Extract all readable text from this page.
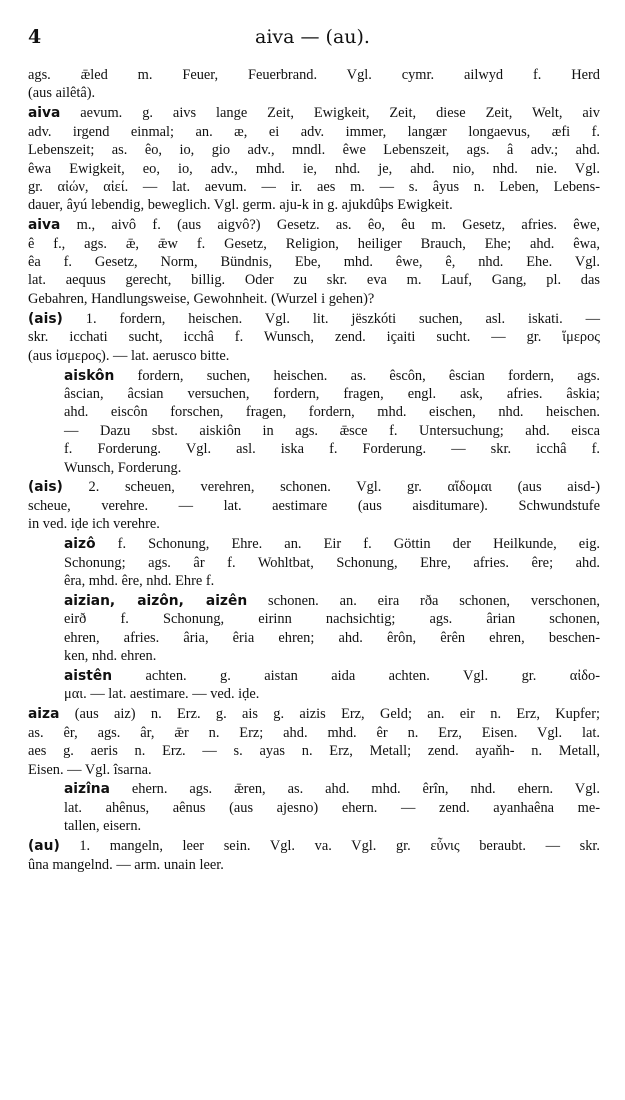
4	aiva — (au).
ags. ǣled m. Feuer, Feuerbrand. Vgl. cymr. ailwyd f. Herd
(aus ailêtâ).
aiva aevum. g. aivs lange Zeit, Ewigkeit, Zeit, diese Zeit, Welt, aiv
adv. irgend einmal; an. æ, ei adv. immer, langær longaevus, æfi f.
Lebenszeit; as. êo, io, gio adv., mndl. êwe Lebenszeit, ags. â adv.; ahd.
êwa Ewigkeit, eo, io, adv., mhd. ie, nhd. je, ahd. nio, nhd. nie. Vgl.
gr. αἰών, αἰεί. — lat. aevum. — ir. aes m. — s. âyus n. Leben, Lebens-
dauer, âyú lebendig, beweglich. Vgl. germ. aju-k in g. ajukdûþs Ewigkeit.
aiva m., aivô f. (aus aigvô?) Gesetz. as. êo, êu m. Gesetz, afries. êwe,
ê f., ags. ǣ, ǣw f. Gesetz, Religion, heiliger Brauch, Ehe; ahd. êwa,
êa f. Gesetz, Norm, Bündnis, Ebe, mhd. êwe, ê, nhd. Ehe. Vgl.
lat. aequus gerecht, billig. Oder zu skr. eva m. Lauf, Gang, pl. das
Gebahren, Handlungsweise, Gewohnheit. (Wurzel i gehen)?
(ais) 1. fordern, heischen. Vgl. lit. jëszkóti suchen, asl. iskati. —
skr. icchati sucht, icchâ f. Wunsch, zend. içaiti sucht. — gr. ἵμερος
(aus ἰσμερος). — lat. aerusco bitte.
aiskôn fordern, suchen, heischen. as. êscôn, êscian fordern, ags.
âscian, âcsian versuchen, fordern, fragen, engl. ask, afries. âskia;
ahd. eiscôn forschen, fragen, fordern, mhd. eischen, nhd. heischen.
— Dazu sbst. aiskiôn in ags. ǣsce f. Untersuchung; ahd. eisca
f. Forderung. Vgl. asl. iska f. Forderung. — skr. icchâ f.
Wunsch, Forderung.
(ais) 2. scheuen, verehren, schonen. Vgl. gr. αἴδομαι (aus aisd-)
scheue, verehre. — lat. aestimare (aus aisditumare). Schwundstufe
in ved. iḍe ich verehre.
aizô f. Schonung, Ehre. an. Eir f. Göttin der Heilkunde, eig.
Schonung; ags. âr f. Wohltbat, Schonung, Ehre, afries. êre; ahd.
êra, mhd. êre, nhd. Ehre f.
aizian, aizôn, aizên schonen. an. eira rða schonen, verschonen,
eirð f. Schonung, eirinn nachsichtig; ags. ârian schonen,
ehren, afries. âria, êria ehren; ahd. êrôn, êrên ehren, beschen-
ken, nhd. ehren.
aistên achten. g. aistan aida achten. Vgl. gr. αἰδο-
μαι. — lat. aestimare. — ved. iḍe.
aiza (aus aiz) n. Erz. g. ais g. aizis Erz, Geld; an. eir n. Erz, Kupfer;
as. êr, ags. âr, ǣr n. Erz; ahd. mhd. êr n. Erz, Eisen. Vgl. lat.
aes g. aeris n. Erz. — s. ayas n. Erz, Metall; zend. ayaňh- n. Metall,
Eisen. — Vgl. îsarna.
aizîna ehern. ags. ǣren, as. ahd. mhd. êrîn, nhd. ehern. Vgl.
lat. ahênus, aênus (aus ajesno) ehern. — zend. ayanhaêna me-
tallen, eisern.
(au) 1. mangeln, leer sein. Vgl. va. Vgl. gr. εὖνις beraubt. — skr.
ûna mangelnd. — arm. unain leer.
